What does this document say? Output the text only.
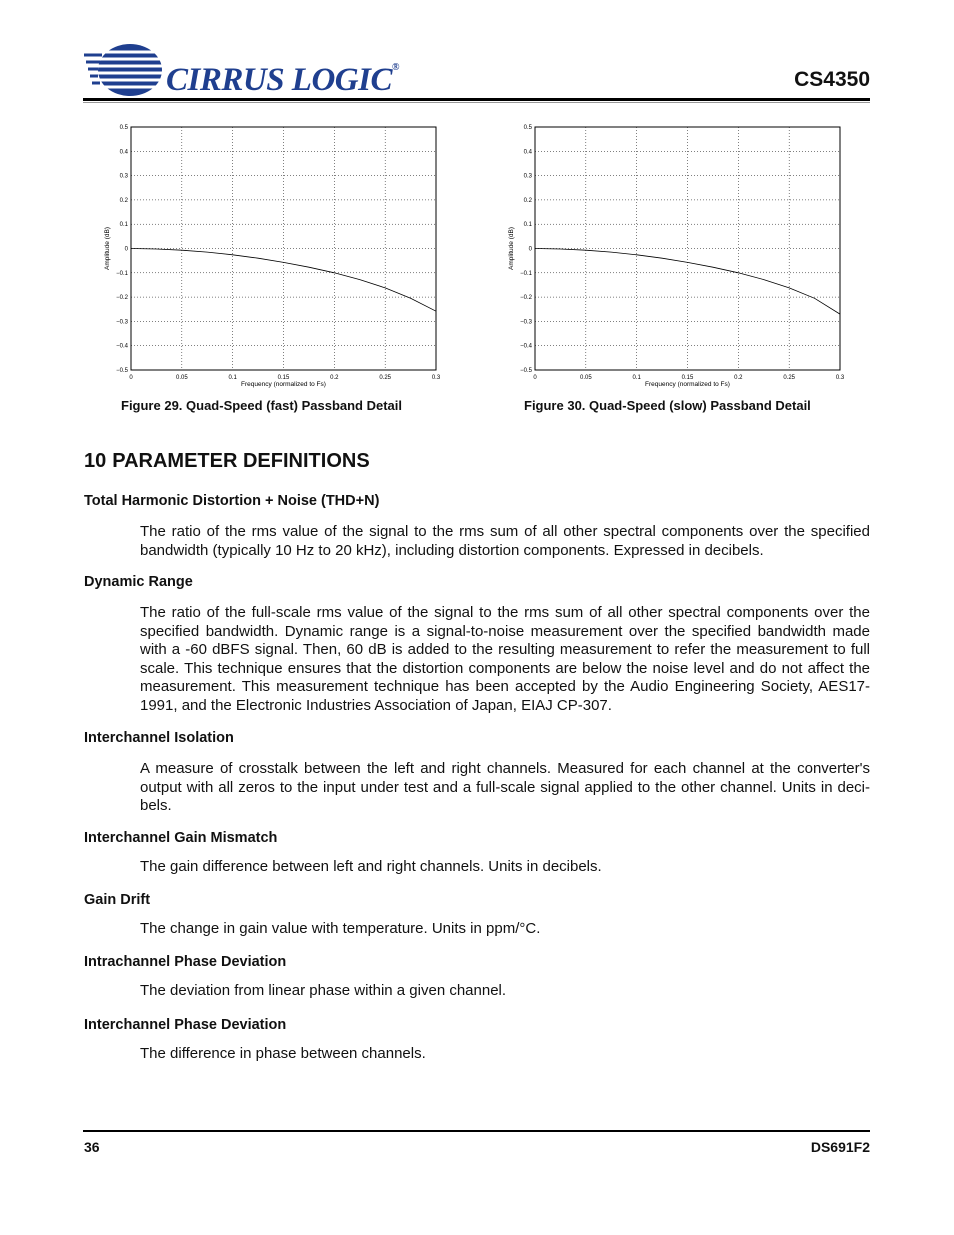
CIRRUS LOGIC®
CS4350
0	0.05	0.1	0.15	0.2	0.25	0.3
0.5
0.4
0.3
0.2
0.1
0
−0.1
−0.2
−0.3
−0.4
−0.5
Frequency (normalized to Fs)
Amplitude (dB)
Figure 29. Quad-Speed (fast) Passband Detail
0	0.05	0.1	0.15	0.2	0.25	0.3
0.5
0.4
0.3
0.2
0.1
0
−0.1
−0.2
−0.3
−0.4
−0.5
Frequency (normalized to Fs)
Amplitude (dB)
Figure 30. Quad-Speed (slow) Passband Detail
10 PARAMETER DEFINITIONS
Total Harmonic Distortion + Noise (THD+N)

The ratio of the rms value of the signal to the rms sum of all other spectral components over the specified bandwidth (typically 10 Hz to 20 kHz), including distortion components. Expressed in decibels.

Dynamic Range

The ratio of the full-scale rms value of the signal to the rms sum of all other spectral components over the specified bandwidth. Dynamic range is a signal-to-noise measurement over the specified bandwidth made with a -60 dBFS signal. Then, 60 dB is added to the resulting measurement to refer the measurement to full scale. This technique ensures that the distortion components are below the noise level and do not affect the measurement. This measurement technique has been accepted by the Audio Engineering Society, AES17-1991, and the Electronic Industries Association of Japan, EIAJ CP-307.

Interchannel Isolation

A measure of crosstalk between the left and right channels. Measured for each channel at the converter's output with all zeros to the input under test and a full-scale signal applied to the other channel. Units in deci-bels.

Interchannel Gain Mismatch

The gain difference between left and right channels. Units in decibels.

Gain Drift

The change in gain value with temperature. Units in ppm/°C.

Intrachannel Phase Deviation

The deviation from linear phase within a given channel.

Interchannel Phase Deviation

The difference in phase between channels.

36	DS691F2
